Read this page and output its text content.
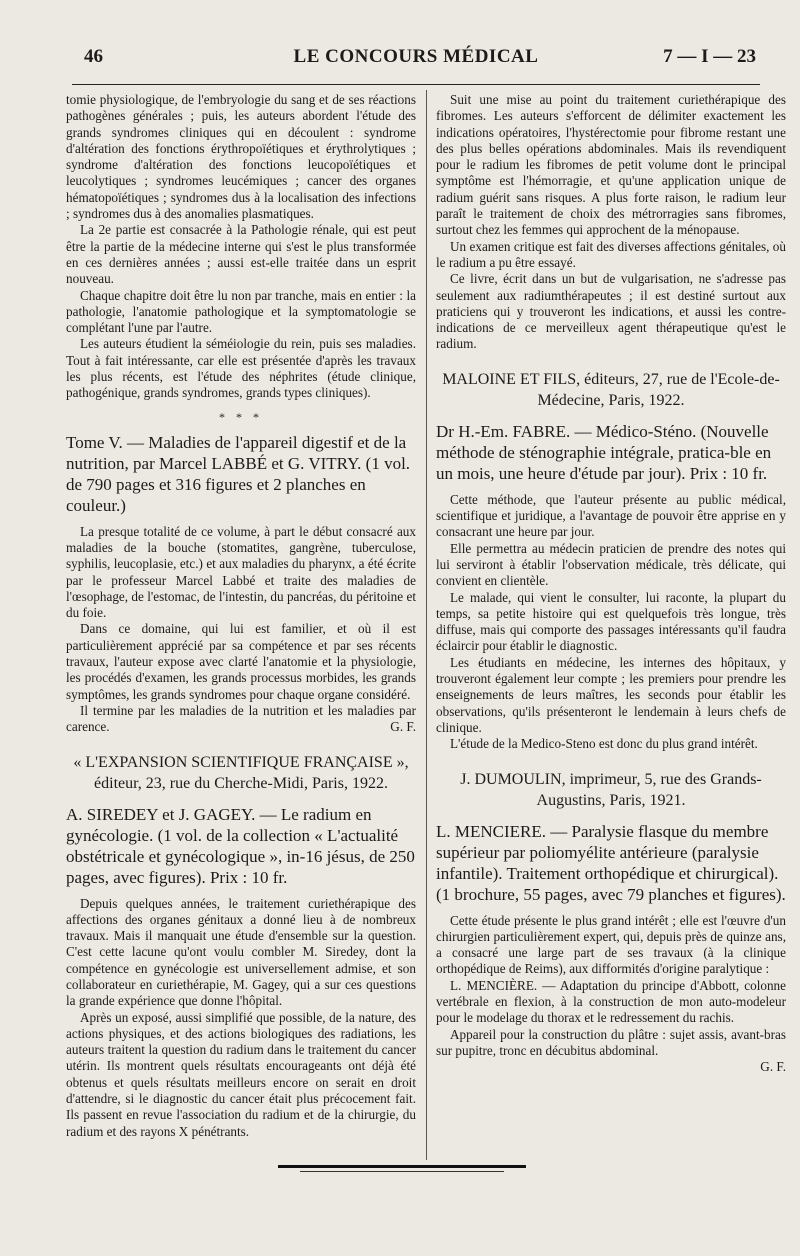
46	LE CONCOURS MÉDICAL	7 — I — 23

tomie physiologique, de l'embryologie du sang et de ses réactions pathogènes générales ; puis, les auteurs abordent l'étude des grands syndromes cliniques qui en découlent : syndrome d'altération des fonctions érythropoïétiques et érythrolytiques ; syndrome d'altération des fonctions leucopoïétiques et leucolytiques ; syndromes leucémiques ; cancer des organes hématopoïétiques ; syndromes dus à la localisation des infections ; syndromes dus à des anomalies plasmatiques.

La 2e partie est consacrée à la Pathologie rénale, qui est peut être la partie de la médecine interne qui s'est le plus transformée en ces dernières années ; aussi est-elle traitée dans un esprit nouveau.

Chaque chapitre doit être lu non par tranche, mais en entier : la pathologie, l'anatomie pathologique et la symptomatologie se complétant l'une par l'autre.

Les auteurs étudient la séméiologie du rein, puis ses maladies. Tout à fait intéressante, car elle est présentée d'après les travaux les plus récents, est l'étude des néphrites (étude clinique, pathogénique, grands syndromes, grands types cliniques).

* * *
Tome V. — Maladies de l'appareil digestif et de la nutrition, par Marcel LABBÉ et G. VITRY. (1 vol. de 790 pages et 316 figures et 2 planches en couleur.)

La presque totalité de ce volume, à part le début consacré aux maladies de la bouche (stomatites, gangrène, tuberculose, syphilis, leucoplasie, etc.) et aux maladies du pharynx, a été écrite par le professeur Marcel Labbé et traite des maladies de l'œsophage, de l'estomac, de l'intestin, du pancréas, du péritoine et du foie.

Dans ce domaine, qui lui est familier, et où il est particulièrement apprécié par sa compétence et par ses récents travaux, l'auteur expose avec clarté l'anatomie et la physiologie, les procédés d'examen, les grands processus morbides, les grands symptômes, les grands syndromes pour chaque organe considéré.

Il termine par les maladies de la nutrition et les maladies par carence.	G. F.

« L'EXPANSION SCIENTIFIQUE FRANÇAISE », éditeur, 23, rue du Cherche-Midi, Paris, 1922.
A. SIREDEY et J. GAGEY. — Le radium en gynécologie. (1 vol. de la collection « L'actualité obstétricale et gynécologique », in-16 jésus, de 250 pages, avec figures). Prix : 10 fr.

Depuis quelques années, le traitement curiethérapique des affections des organes génitaux a donné lieu à de nombreux travaux. Mais il manquait une étude d'ensemble sur la question. C'est cette lacune qu'ont voulu combler M. Siredey, dont la compétence en gynécologie est universellement admise, et son collaborateur en curiethérapie, M. Gagey, qui a sur ces questions la grande expérience que donne l'hôpital.

Après un exposé, aussi simplifié que possible, de la nature, des actions physiques, et des actions biologiques des radiations, les auteurs traitent la question du radium dans le traitement du cancer utérin. Ils montrent quels résultats encourageants ont déjà été obtenus et quels résultats meilleurs encore on serait en droit d'attendre, si le diagnostic du cancer était plus précocement fait. Ils passent en revue l'association du radium et de la chirurgie, du radium et des rayons X pénétrants.

Suit une mise au point du traitement curiethérapique des fibromes. Les auteurs s'efforcent de délimiter exactement les indications opératoires, l'hystérectomie pour fibrome restant une des plus belles opérations abdominales. Mais ils revendiquent pour le radium les fibromes de petit volume dont le principal symptôme est l'hémorragie, et qu'une application unique de radium guérit sans risques. A plus forte raison, le radium leur paraît le traitement de choix des métrorragies sans fibromes, surtout chez les femmes qui approchent de la ménopause.

Un examen critique est fait des diverses affections génitales, où le radium a pu être essayé.

Ce livre, écrit dans un but de vulgarisation, ne s'adresse pas seulement aux radiumthérapeutes ; il est destiné surtout aux praticiens qui y trouveront les indications, et aussi les contre-indications de ce merveilleux agent thérapeutique qu'est le radium.

MALOINE ET FILS, éditeurs, 27, rue de l'Ecole-de-Médecine, Paris, 1922.
Dr H.-Em. FABRE. — Médico-Sténo. (Nouvelle méthode de sténographie intégrale, pratica-ble en un mois, une heure d'étude par jour). Prix : 10 fr.

Cette méthode, que l'auteur présente au public médical, scientifique et juridique, a l'avantage de pouvoir être apprise en y consacrant une heure par jour.

Elle permettra au médecin praticien de prendre des notes qui lui serviront à établir l'observation médicale, très délicate, qui convient en clientèle.

Le malade, qui vient le consulter, lui raconte, la plupart du temps, sa petite histoire qui est quelquefois très longue, très diffuse, mais qui comporte des passages intéressants qu'il faudra éclaircir pour établir le diagnostic.

Les étudiants en médecine, les internes des hôpitaux, y trouveront également leur compte ; les premiers pour prendre les enseignements de leurs maîtres, les seconds pour établir les observations, qu'ils présenteront le lendemain à leurs chefs de clinique.

L'étude de la Medico-Steno est donc du plus grand intérêt.

J. DUMOULIN, imprimeur, 5, rue des Grands-Augustins, Paris, 1921.
L. MENCIERE. — Paralysie flasque du membre supérieur par poliomyélite antérieure (paralysie infantile). Traitement orthopédique et chirurgical). (1 brochure, 55 pages, avec 79 planches et figures).

Cette étude présente le plus grand intérêt ; elle est l'œuvre d'un chirurgien particulièrement expert, qui, depuis près de quinze ans, a consacré une large part de ses travaux (à la clinique orthopédique de Reims), aux difformités d'origine paralytique :

L. MENCIÈRE. — Adaptation du principe d'Abbott, colonne vertébrale en flexion, à la construction de mon auto-modeleur pour le modelage du thorax et le redressement du rachis.

Appareil pour la construction du plâtre : sujet assis, avant-bras sur pupitre, tronc en décubitus abdominal.

G. F.
